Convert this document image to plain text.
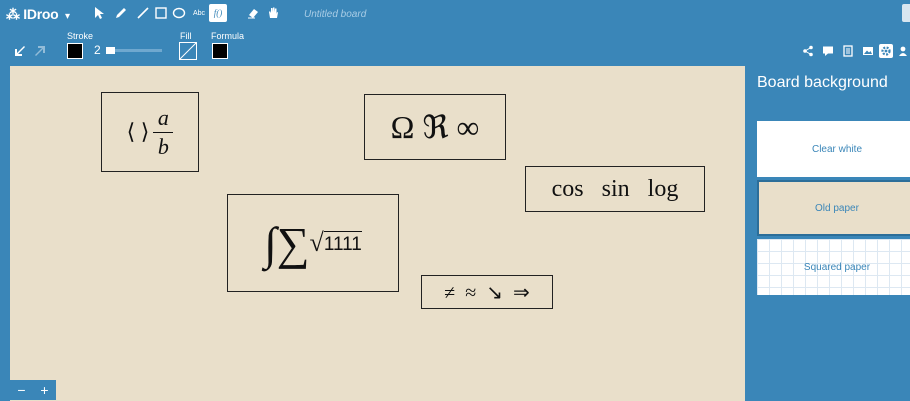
⁂ IDroo ▾	Abc f()	Untitled board
Stroke
2
Fill Formula
⟨ ⟩
a
b
Ω ℜ ∞
cos   sin   log
∫ ∑ √ 1111
≠  ≈  ↘  ⇒
− +
Board background
Clear white
Old paper
Squared paper
